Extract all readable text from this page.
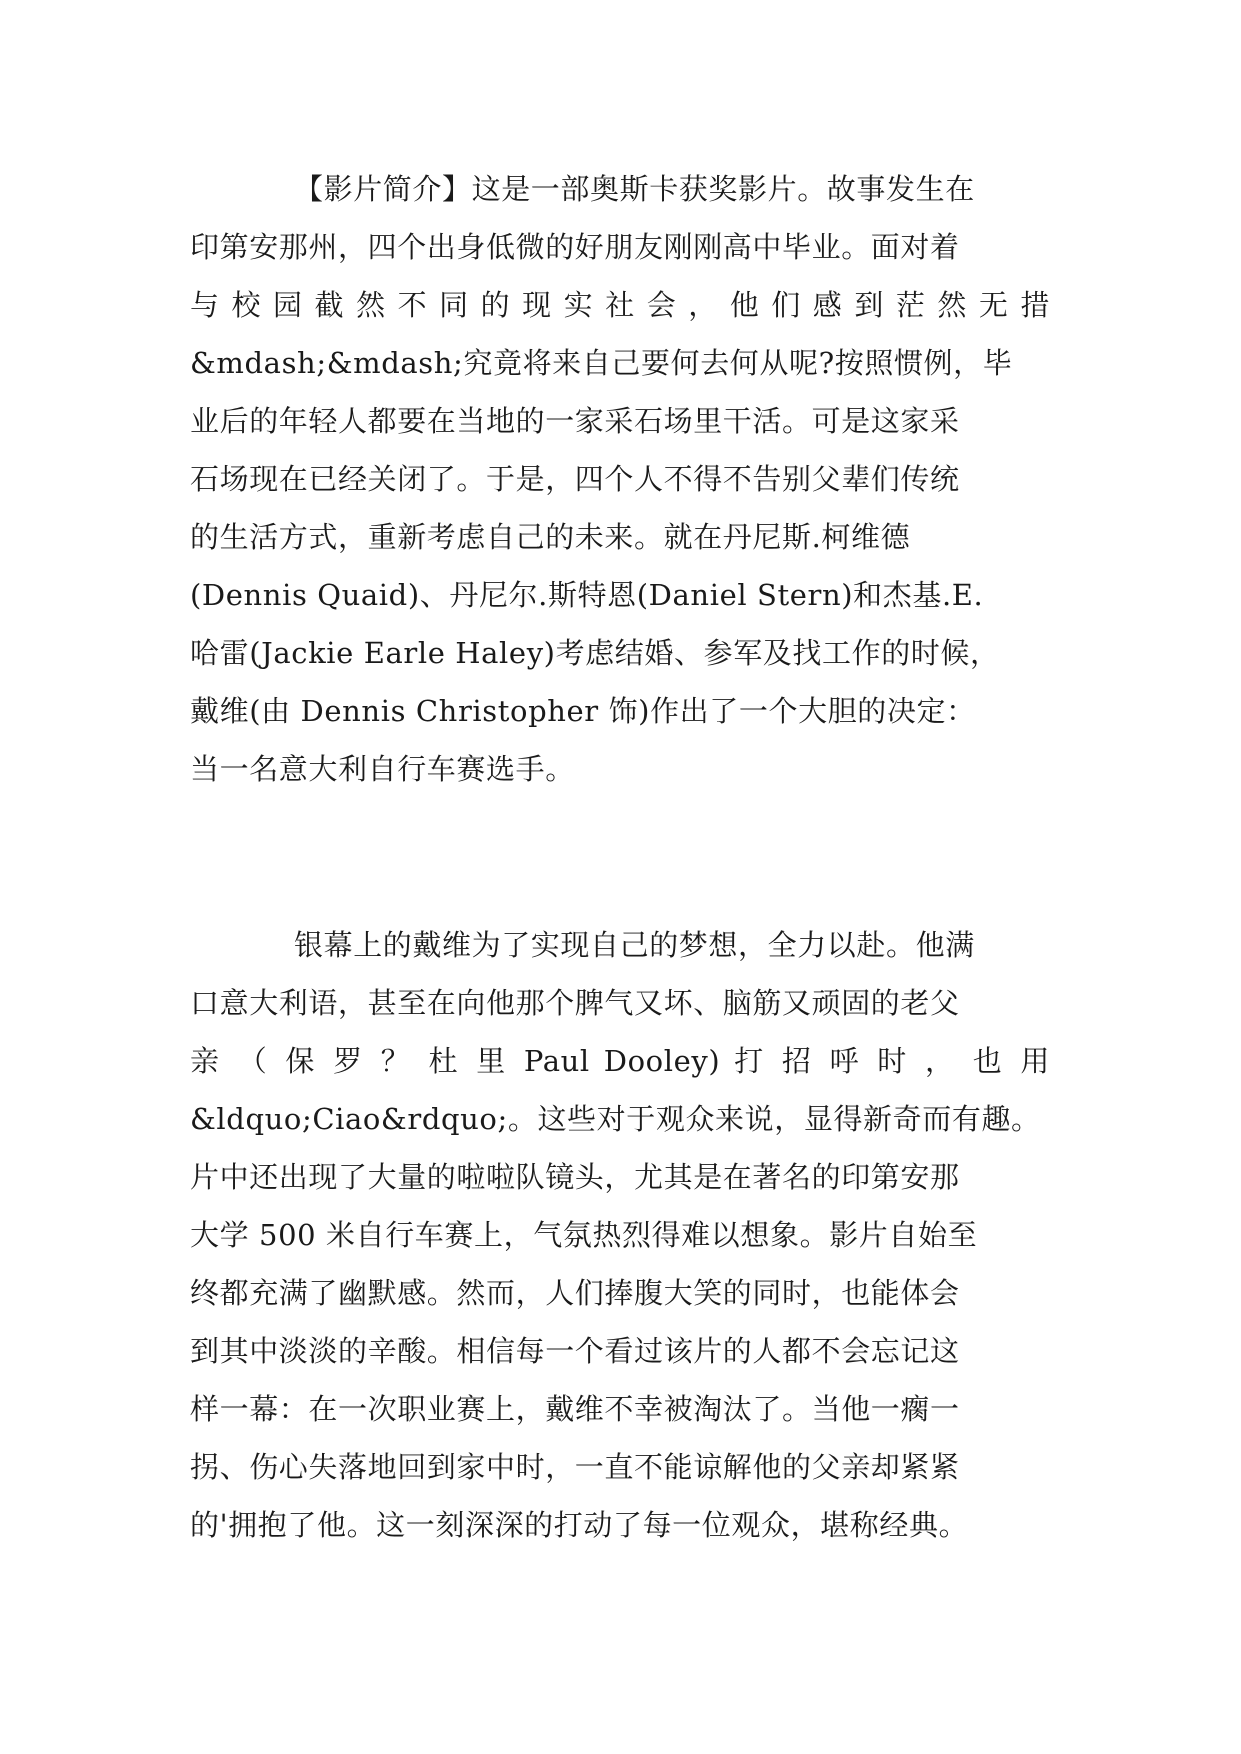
【影片简介】这是一部奥斯卡获奖影片。故事发生在
印第安那州，四个出身低微的好朋友刚刚高中毕业。面对着
与 校 园 截 然 不 同 的 现 实 社 会 ， 他 们 感 到 茫 然 无 措
&mdash;&mdash;究竟将来自己要何去何从呢?按照惯例，毕
业后的年轻人都要在当地的一家采石场里干活。可是这家采
石场现在已经关闭了。于是，四个人不得不告别父辈们传统
的生活方式，重新考虑自己的未来。就在丹尼斯.柯维德
(Dennis Quaid)、丹尼尔.斯特恩(Daniel Stern)和杰基.E.
哈雷(Jackie Earle Haley)考虑结婚、参军及找工作的时候，
戴维(由 Dennis Christopher 饰)作出了一个大胆的决定：
当一名意大利自行车赛选手。
银幕上的戴维为了实现自己的梦想，全力以赴。他满
口意大利语，甚至在向他那个脾气又坏、脑筋又顽固的老父
亲 （ 保 罗 ？ 杜 里 Paul Dooley) 打 招 呼 时 ， 也 用
&ldquo;Ciao&rdquo;。这些对于观众来说，显得新奇而有趣。
片中还出现了大量的啦啦队镜头，尤其是在著名的印第安那
大学 500 米自行车赛上，气氛热烈得难以想象。影片自始至
终都充满了幽默感。然而，人们捧腹大笑的同时，也能体会
到其中淡淡的辛酸。相信每一个看过该片的人都不会忘记这
样一幕：在一次职业赛上，戴维不幸被淘汰了。当他一瘸一
拐、伤心失落地回到家中时，一直不能谅解他的父亲却紧紧
的'拥抱了他。这一刻深深的打动了每一位观众，堪称经典。
